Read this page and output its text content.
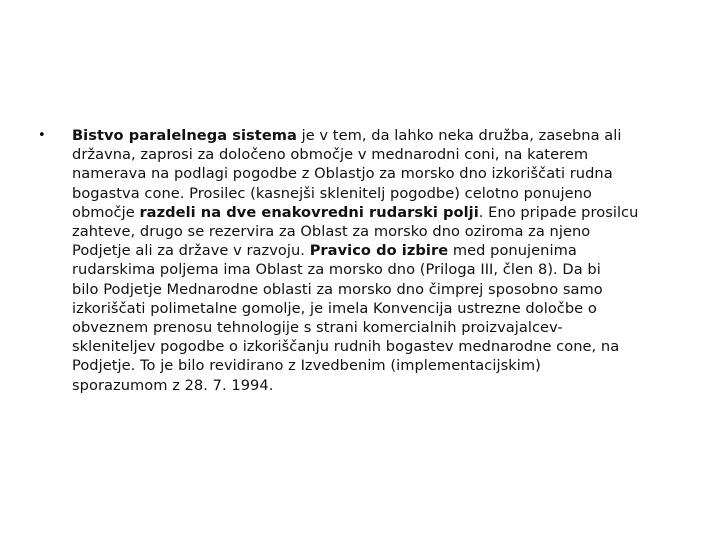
•	Bistvo paralelnega sistema je v tem, da lahko neka družba, zasebna ali
državna, zaprosi za določeno območje v mednarodni coni, na katerem
namerava na podlagi pogodbe z Oblastjo za morsko dno izkoriščati rudna
bogastva cone. Prosilec (kasnejši sklenitelj pogodbe) celotno ponujeno
območje razdeli na dve enakovredni rudarski polji. Eno pripade prosilcu
zahteve, drugo se rezervira za Oblast za morsko dno oziroma za njeno
Podjetje ali za države v razvoju. Pravico do izbire med ponujenima
rudarskima poljema ima Oblast za morsko dno (Priloga III, člen 8). Da bi
bilo Podjetje Mednarodne oblasti za morsko dno čimprej sposobno samo
izkoriščati polimetalne gomolje, je imela Konvencija ustrezne določbe o
obveznem prenosu tehnologije s strani komercialnih proizvajalcev-
skleniteljev pogodbe o izkoriščanju rudnih bogastev mednarodne cone, na
Podjetje. To je bilo revidirano z Izvedbenim (implementacijskim)
sporazumom z 28. 7. 1994.
